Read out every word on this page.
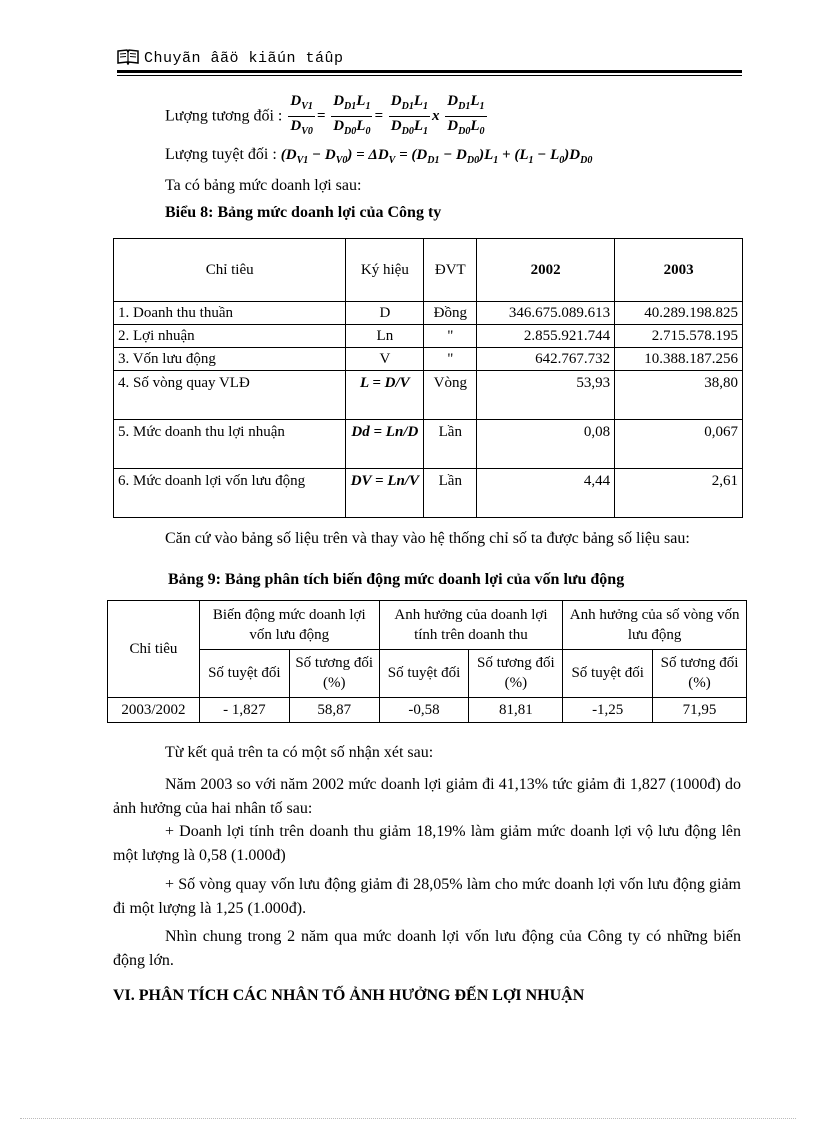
Chuyãn âãö kiãún táûp
Lượng tương đối : $\frac{D_{V1}}{D_{V0}} = \frac{D_{D1}L_1}{D_{D0}L_0} = \frac{D_{D1}L_1}{D_{D0}L_1}$ x $\frac{D_{D1}L_1}{D_{D0}L_0}$
Lượng tuyệt đối : $(D_{V1} - D_{V0}) = \Delta D_V = (D_{D1} - D_{D0})L_1 + (L_1 - L_0)D_{D0}$
Ta có bảng mức doanh lợi sau:
Biểu 8: Bảng mức doanh lợi của Công ty
Chỉ tiêu	Ký hiệu	ĐVT	2002	2003
1. Doanh thu thuần	D	Đồng	346.675.089.613	40.289.198.825
2. Lợi nhuận	Ln	"	2.855.921.744	2.715.578.195
3. Vốn lưu động	V	"	642.767.732	10.388.187.256
4. Số vòng quay VLĐ	L = D/V	Vòng	53,93	38,80
5. Mức doanh thu lợi nhuận	Dd = Ln/D	Lần	0,08	0,067
6. Mức doanh lợi vốn lưu động	DV = Ln/V	Lần	4,44	2,61
Căn cứ vào bảng số liệu trên và thay vào hệ thống chỉ số ta được bảng số liệu sau:
Bảng 9: Bảng phân tích biến động mức doanh lợi của vốn lưu động
Chỉ tiêu	Biến động mức doanh lợi vốn lưu động		Anh hưởng của doanh lợi tính trên doanh thu		Anh hưởng của số vòng vốn lưu động	
	Số tuyệt đối	Số tương đối (%)	Số tuyệt đối	Số tương đối (%)	Số tuyệt đối	Số tương đối (%)
2003/2002	- 1,827	58,87	-0,58	81,81	-1,25	71,95
Từ kết quả trên ta có một số nhận xét sau:
Năm 2003 so với năm 2002 mức doanh lợi giảm đi 41,13% tức giảm đi 1,827 (1000đ) do ảnh hưởng của hai nhân tố sau:
+ Doanh lợi tính trên doanh thu giảm 18,19% làm giảm mức doanh lợi vộ lưu động lên một lượng là 0,58 (1.000đ)
+ Số vòng quay vốn lưu động giảm đi 28,05% làm cho mức doanh lợi vốn lưu động giảm đi một lượng là 1,25 (1.000đ).
Nhìn chung trong 2 năm qua mức doanh lợi vốn lưu động của Công ty có những biến động lớn.
VI. PHÂN TÍCH CÁC NHÂN TỐ ẢNH HƯỞNG ĐẾN LỢI NHUẬN
